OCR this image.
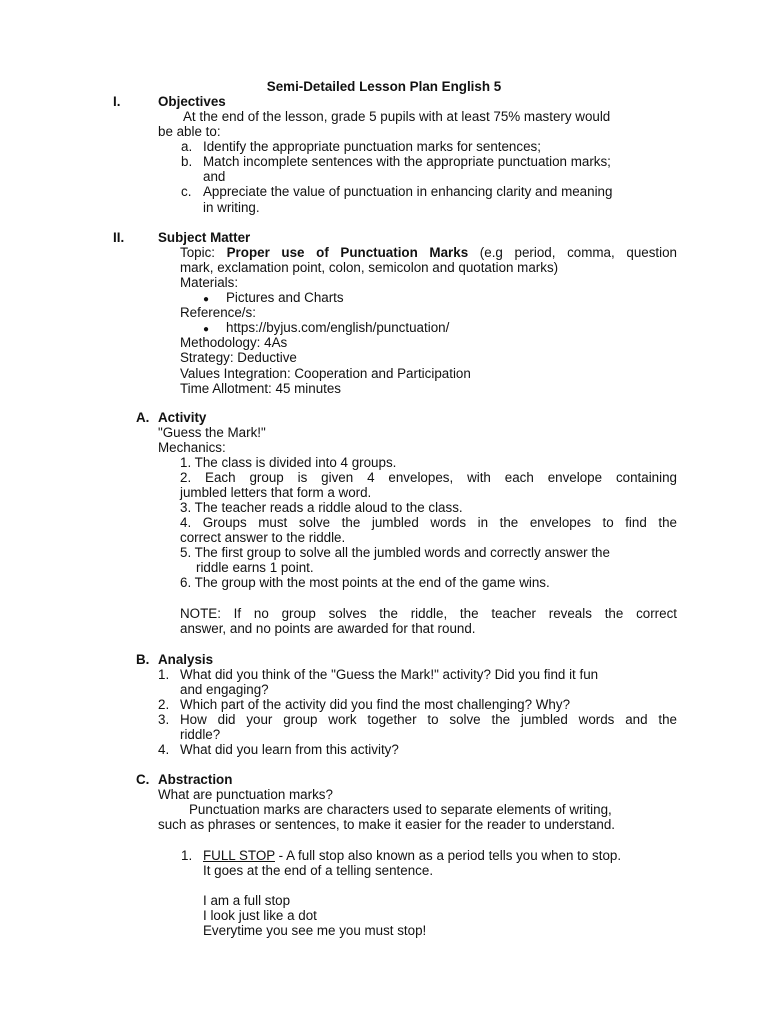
Semi-Detailed Lesson Plan English 5
I.	Objectives
At the end of the lesson, grade 5 pupils with at least 75% mastery would
be able to:
a. Identify the appropriate punctuation marks for sentences;
b. Match incomplete sentences with the appropriate punctuation marks;
and
c. Appreciate the value of punctuation in enhancing clarity and meaning
in writing.
II.	Subject Matter
Topic: Proper use of Punctuation Marks (e.g period, comma, question
mark, exclamation point, colon, semicolon and quotation marks)
Materials:
● Pictures and Charts
Reference/s:
● https://byjus.com/english/punctuation/
Methodology: 4As
Strategy: Deductive
Values Integration: Cooperation and Participation
Time Allotment: 45 minutes
A. Activity
"Guess the Mark!"
Mechanics:
1. The class is divided into 4 groups.
2. Each group is given 4 envelopes, with each envelope containing
jumbled letters that form a word.
3. The teacher reads a riddle aloud to the class.
4. Groups must solve the jumbled words in the envelopes to find the
correct answer to the riddle.
5. The first group to solve all the jumbled words and correctly answer the
riddle earns 1 point.
6. The group with the most points at the end of the game wins.
NOTE: If no group solves the riddle, the teacher reveals the correct
answer, and no points are awarded for that round.
B. Analysis
1. What did you think of the "Guess the Mark!" activity? Did you find it fun
and engaging?
2. Which part of the activity did you find the most challenging? Why?
3. How did your group work together to solve the jumbled words and the
riddle?
4. What did you learn from this activity?
C. Abstraction
What are punctuation marks?
Punctuation marks are characters used to separate elements of writing,
such as phrases or sentences, to make it easier for the reader to understand.
1. FULL STOP - A full stop also known as a period tells you when to stop.
It goes at the end of a telling sentence.
I am a full stop
I look just like a dot
Everytime you see me you must stop!
